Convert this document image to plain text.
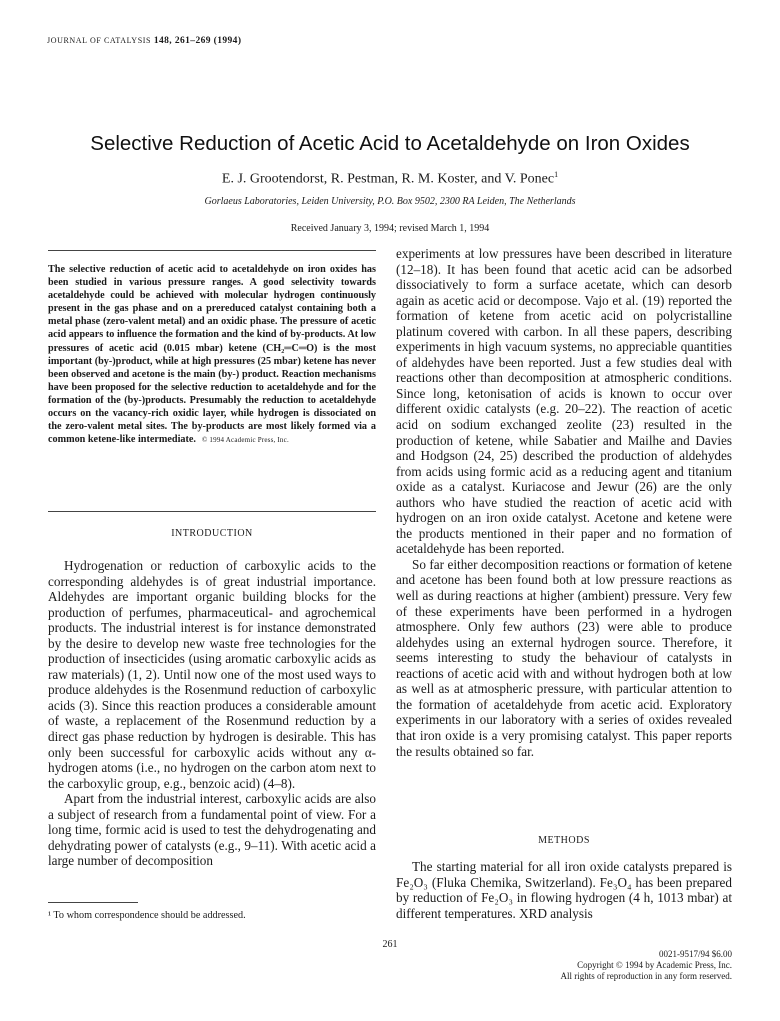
JOURNAL OF CATALYSIS 148, 261–269 (1994)
Selective Reduction of Acetic Acid to Acetaldehyde on Iron Oxides
E. J. Grootendorst, R. Pestman, R. M. Koster, and V. Ponec$^1$
Gorlaeus Laboratories, Leiden University, P.O. Box 9502, 2300 RA Leiden, The Netherlands
Received January 3, 1994; revised March 1, 1994
The selective reduction of acetic acid to acetaldehyde on iron oxides has been studied in various pressure ranges. A good selectivity towards acetaldehyde could be achieved with molecular hydrogen continuously present in the gas phase and on a prereduced catalyst containing both a metal phase (zero-valent metal) and an oxidic phase. The pressure of acetic acid appears to influence the formation and the kind of by-products. At low pressures of acetic acid (0.015 mbar) ketene (CH₂═C═O) is the most important (by-)product, while at high pressures (25 mbar) ketene has never been observed and acetone is the main (by-) product. Reaction mechanisms have been proposed for the selective reduction to acetaldehyde and for the formation of the (by-)products. Presumably the reduction to acetaldehyde occurs on the vacancy-rich oxidic layer, while hydrogen is dissociated on the zero-valent metal sites. The by-products are most likely formed via a common ketene-like intermediate. © 1994 Academic Press, Inc.
INTRODUCTION

Hydrogenation or reduction of carboxylic acids to the corresponding aldehydes is of great industrial importance. Aldehydes are important organic building blocks for the production of perfumes, pharmaceutical- and agrochemical products. The industrial interest is for instance demonstrated by the desire to develop new waste free technologies for the production of insecticides (using aromatic carboxylic acids as raw materials) (1, 2). Until now one of the most used ways to produce aldehydes is the Rosenmund reduction of carboxylic acids (3). Since this reaction produces a considerable amount of waste, a replacement of the Rosenmund reduction by a direct gas phase reduction by hydrogen is desirable. This has only been successful for carboxylic acids without any α-hydrogen atoms (i.e., no hydrogen on the carbon atom next to the carboxylic group, e.g., benzoic acid) (4–8).

Apart from the industrial interest, carboxylic acids are also a subject of research from a fundamental point of view. For a long time, formic acid is used to test the dehydrogenating and dehydrating power of catalysts (e.g., 9–11). With acetic acid a large number of decomposition

¹ To whom correspondence should be addressed.

experiments at low pressures have been described in literature (12–18). It has been found that acetic acid can be adsorbed dissociatively to form a surface acetate, which can desorb again as acetic acid or decompose. Vajo et al. (19) reported the formation of ketene from acetic acid on polycristalline platinum covered with carbon. In all these papers, describing experiments in high vacuum systems, no appreciable quantities of aldehydes have been reported. Just a few studies deal with reactions other than decomposition at atmospheric conditions. Since long, ketonisation of acids is known to occur over different oxidic catalysts (e.g. 20–22). The reaction of acetic acid on sodium exchanged zeolite (23) resulted in the production of ketene, while Sabatier and Mailhe and Davies and Hodgson (24, 25) described the production of aldehydes from acids using formic acid as a reducing agent and titanium oxide as a catalyst. Kuriacose and Jewur (26) are the only authors who have studied the reaction of acetic acid with hydrogen on an iron oxide catalyst. Acetone and ketene were the products mentioned in their paper and no formation of acetaldehyde has been reported.

So far either decomposition reactions or formation of ketene and acetone has been found both at low pressure reactions as well as during reactions at higher (ambient) pressure. Very few of these experiments have been performed in a hydrogen atmosphere. Only few authors (23) were able to produce aldehydes using an external hydrogen source. Therefore, it seems interesting to study the behaviour of catalysts in reactions of acetic acid with and without hydrogen both at low as well as at atmospheric pressure, with particular attention to the formation of acetaldehyde from acetic acid. Exploratory experiments in our laboratory with a series of oxides revealed that iron oxide is a very promising catalyst. This paper reports the results obtained so far.

METHODS

The starting material for all iron oxide catalysts prepared is Fe₂O₃ (Fluka Chemika, Switzerland). Fe₃O₄ has been prepared by reduction of Fe₂O₃ in flowing hydrogen (4 h, 1013 mbar) at different temperatures. XRD analysis

261
0021-9517/94 $6.00
Copyright © 1994 by Academic Press, Inc.
All rights of reproduction in any form reserved.
